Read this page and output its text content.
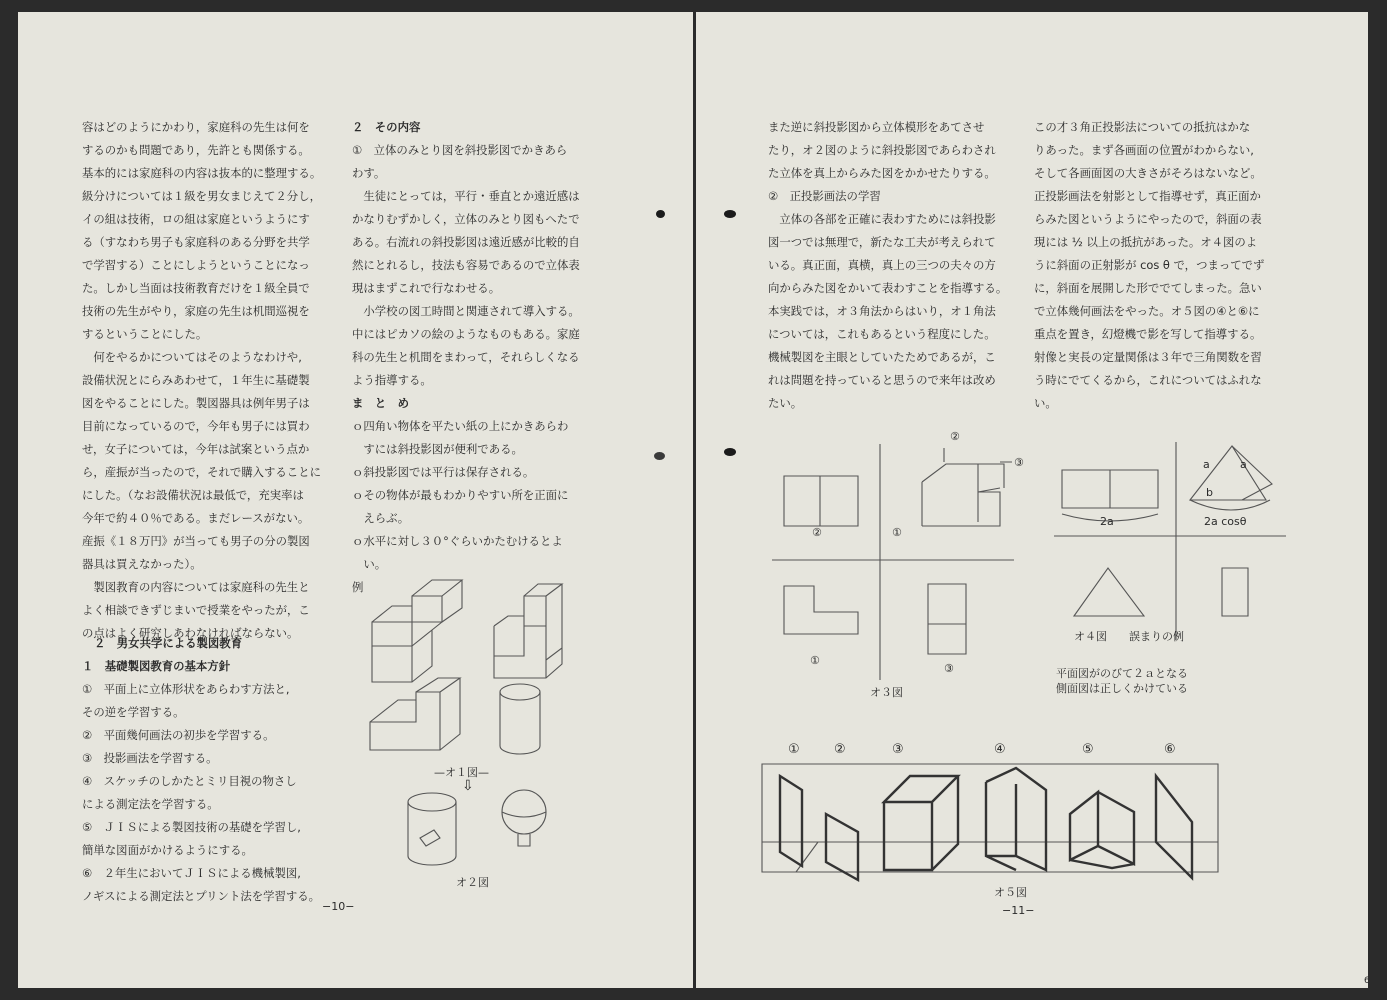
容はどのようにかわり，家庭科の先生は何を

するのかも問題であり，先許とも関係する。

基本的には家庭科の内容は抜本的に整理する。

級分けについては１級を男女まじえて２分し，

イの組は技術，ロの組は家庭というようにす

る（すなわち男子も家庭科のある分野を共学

で学習する）ことにしようということになっ

た。しかし当面は技術教育だけを１級全員で

技術の先生がやり，家庭の先生は机間巡視を

するということにした。

　何をやるかについてはそのようなわけや,

設備状況とにらみあわせて，１年生に基礎製

図をやることにした。製図器具は例年男子は

目前になっているので，今年も男子には買わ

せ，女子については，今年は試案という点か

ら，産振が当ったので，それで購入することに

にした。（なお設備状況は最低で，充実率は

今年で約４０％である。まだレースがない。

産振《１８万円》が当っても男子の分の製図

器具は買えなかった）。

　製図教育の内容については家庭科の先生と

よく相談できずじまいで授業をやったが，こ

の点はよく研究しあわなければならない。

２　男女共学による製図教育

１　基礎製図教育の基本方針

①　平面上に立体形状をあらわす方法と,

その逆を学習する。

②　平面幾何画法の初歩を学習する。

③　投影画法を学習する。

④　スケッチのしかたとミリ目視の物さし

による測定法を学習する。

⑤　ＪＩＳによる製図技術の基礎を学習し,

簡単な図面がかけるようにする。

⑥　２年生においてＪＩＳによる機械製図,

ノギスによる測定法とプリント法を学習する。

２　その内容

①　立体のみとり図を斜投影図でかきあら

わす。

　生徒にとっては，平行・垂直とか遠近感は

かなりむずかしく，立体のみとり図もへたで

ある。右流れの斜投影図は遠近感が比較的自

然にとれるし，技法も容易であるので立体表

現はまずこれで行なわせる。

　小学校の図工時間と関連されて導入する。

中にはピカソの絵のようなものもある。家庭

科の先生と机間をまわって，それらしくなる

よう指導する。

ま　と　め

ｏ四角い物体を平たい紙の上にかきあらわ

　すには斜投影図が便利である。

ｏ斜投影図では平行は保存される。

ｏその物体が最もわかりやすい所を正面に

　えらぶ。

ｏ水平に対し３０°ぐらいかたむけるとよ

　い。

例

—オ１図—
⇩
オ２図
−10−

また逆に斜投影図から立体模形をあてさせ

たり，オ２図のように斜投影図であらわされ

た立体を真上からみた図をかかせたりする。

②　正投影画法の学習

　立体の各部を正確に表わすためには斜投影

図一つでは無理で，新たな工夫が考えられて

いる。真正面，真横，真上の三つの夫々の方

向からみた図をかいて表わすことを指導する。

本実践では，オ３角法からはいり，オ１角法

については，これもあるという程度にした。

機械製図を主眼としていたためであるが，こ

れは問題を持っていると思うので来年は改め

たい。

この才３角正投影法についての抵抗はかな

りあった。まず各画面の位置がわからない,

そして各画面図の大きさがそろはないなど。

正投影画法を射影として指導せず，真正面か

らみた図というようにやったので，斜面の表

現には ½ 以上の抵抗があった。オ４図のよ

うに斜面の正射影が cos θ で，つまってでず

に，斜面を展開した形ででてしまった。急い

で立体幾何画法をやった。オ５図の④と⑥に

重点を置き，幻燈機で影を写して指導する。

射像と実長の定量関係は３年で三角関数を習

う時にでてくるから，これについてはふれな

い。

②
③
②	①
①
③
オ３図
a	a
b
2a	2a cosθ
オ４図　　誤まりの例
平面図がのびて２ａとなる
側面図は正しくかけている
①	②	③	④	⑤	⑥
オ５図
−11−
6
